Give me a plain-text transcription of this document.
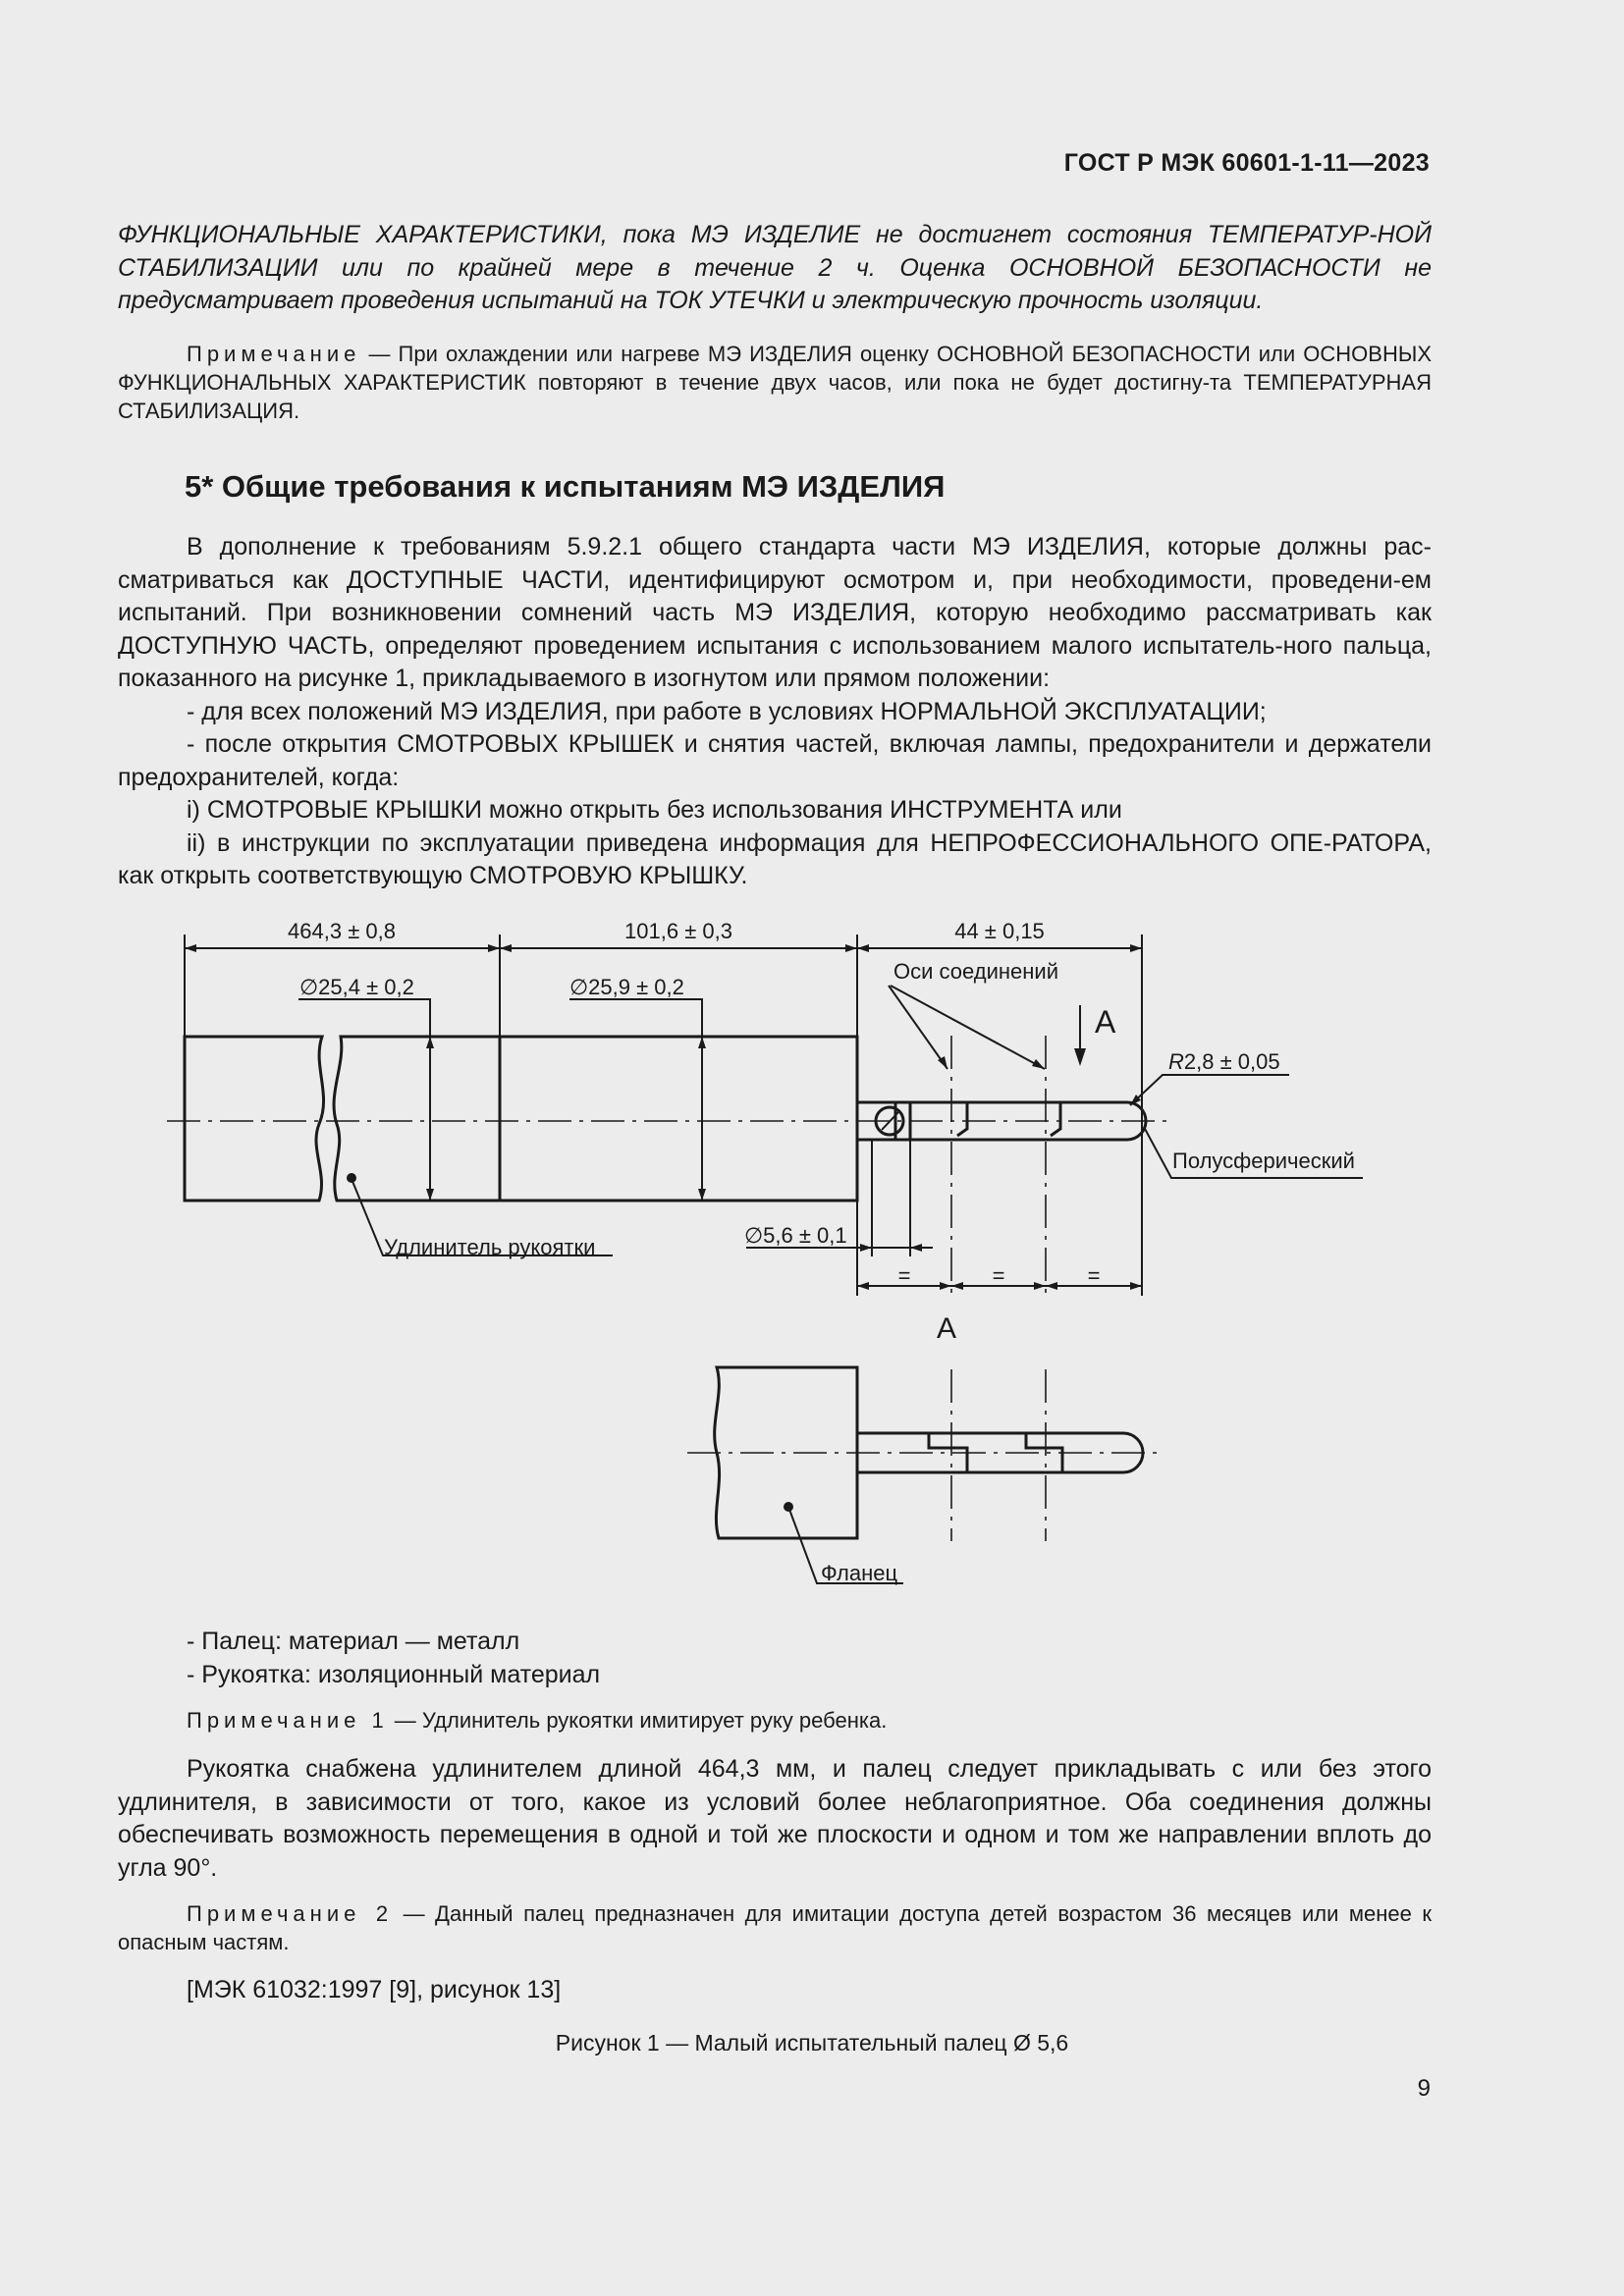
ГОСТ Р МЭК 60601-1-11—2023

ФУНКЦИОНАЛЬНЫЕ ХАРАКТЕРИСТИКИ, пока МЭ ИЗДЕЛИЕ не достигнет состояния ТЕМПЕРАТУР-НОЙ СТАБИЛИЗАЦИИ или по крайней мере в течение 2 ч. Оценка ОСНОВНОЙ БЕЗОПАСНОСТИ не предусматривает проведения испытаний на ТОК УТЕЧКИ и электрическую прочность изоляции.

Примечание — При охлаждении или нагреве МЭ ИЗДЕЛИЯ оценку ОСНОВНОЙ БЕЗОПАСНОСТИ или ОСНОВНЫХ ФУНКЦИОНАЛЬНЫХ ХАРАКТЕРИСТИК повторяют в течение двух часов, или пока не будет достигну-та ТЕМПЕРАТУРНАЯ СТАБИЛИЗАЦИЯ.

5* Общие требования к испытаниям МЭ ИЗДЕЛИЯ

В дополнение к требованиям 5.9.2.1 общего стандарта части МЭ ИЗДЕЛИЯ, которые должны рас-сматриваться как ДОСТУПНЫЕ ЧАСТИ, идентифицируют осмотром и, при необходимости, проведени-ем испытаний. При возникновении сомнений часть МЭ ИЗДЕЛИЯ, которую необходимо рассматривать как ДОСТУПНУЮ ЧАСТЬ, определяют проведением испытания с использованием малого испытатель-ного пальца, показанного на рисунке 1, прикладываемого в изогнутом или прямом положении:

- для всех положений МЭ ИЗДЕЛИЯ, при работе в условиях НОРМАЛЬНОЙ ЭКСПЛУАТАЦИИ;

- после открытия СМОТРОВЫХ КРЫШЕК и снятия частей, включая лампы, предохранители и держатели предохранителей, когда:

i) СМОТРОВЫЕ КРЫШКИ можно открыть без использования ИНСТРУМЕНТА или

ii) в инструкции по эксплуатации приведена информация для НЕПРОФЕССИОНАЛЬНОГО ОПЕ-РАТОРА, как открыть соответствующую СМОТРОВУЮ КРЫШКУ.

464,3 ± 0,8	101,6 ± 0,3	44 ± 0,15
∅25,4 ± 0,2	∅25,9 ± 0,2
Оси соединений
A
R2,8 ± 0,05
Полусферический
Удлинитель рукоятки	∅5,6 ± 0,1
=	=	=
A
Фланец

- Палец: материал — металл

- Рукоятка: изоляционный материал

Примечание 1 — Удлинитель рукоятки имитирует руку ребенка.

Рукоятка снабжена удлинителем длиной 464,3 мм, и палец следует прикладывать с или без этого удлинителя, в зависимости от того, какое из условий более неблагоприятное. Оба соединения должны обеспечивать возможность перемещения в одной и той же плоскости и одном и том же направлении вплоть до угла 90°.

Примечание 2 — Данный палец предназначен для имитации доступа детей возрастом 36 месяцев или менее к опасным частям.

[МЭК 61032:1997 [9], рисунок 13]

Рисунок 1 — Малый испытательный палец Ø 5,6
9
